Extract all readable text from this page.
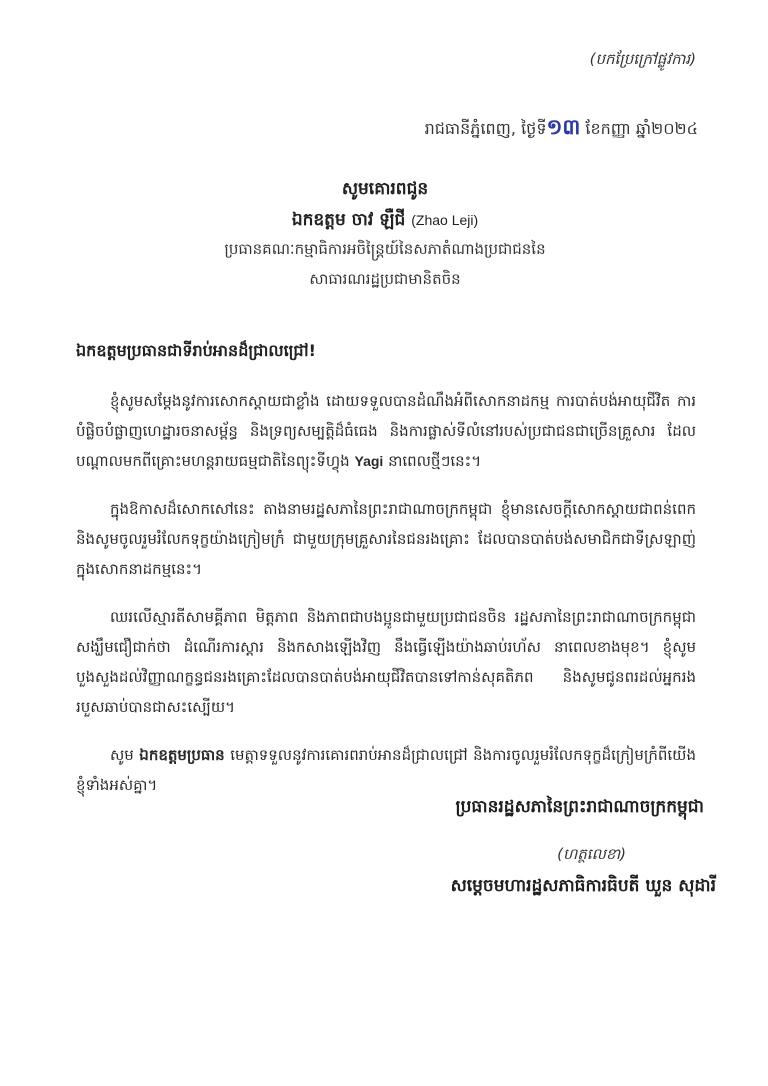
(បកប្រែក្រៅផ្លូវការ)
រាជធានីភ្នំពេញ, ថ្ងៃទី១៣ ខែកញ្ញា ឆ្នាំ២០២៤
សូមគោរពជូន
ឯកឧត្តម ចាវ ឡឺជី (Zhao Leji)
ប្រធានគណៈកម្មាធិការអចិន្ត្រៃយ៍នៃសភាតំណាងប្រជាជននៃ
សាធារណរដ្ឋប្រជាមានិតចិន
ឯកឧត្តមប្រធានជាទីរាប់អានដ៏ជ្រាលជ្រៅ!

ខ្ញុំសូមសម្តែងនូវការសោកស្តាយជាខ្លាំង ដោយទទួលបានដំណឹងអំពីសោកនាដកម្ម ការបាត់បង់អាយុជីវិត ការបំផ្លិចបំផ្លាញហេដ្ឋារចនាសម្ព័ន្ធ និងទ្រព្យសម្បត្តិដ៏ធំធេង និងការផ្លាស់ទីលំនៅរបស់ប្រជាជនជាច្រើនគ្រួសារ ដែលបណ្តាលមកពីគ្រោះមហន្តរាយធម្មជាតិនៃព្យុះទីហ្វុង Yagi នាពេលថ្មីៗនេះ។

ក្នុងឱកាសដ៏សោកសៅនេះ តាងនាមរដ្ឋសភានៃព្រះរាជាណាចក្រកម្ពុជា ខ្ញុំមានសេចក្តីសោកស្តាយជាពន់ពេក និងសូមចូលរួមរំលែកទុក្ខយ៉ាងក្រៀមក្រំ ជាមួយក្រុមគ្រួសារនៃជនរងគ្រោះ ដែលបានបាត់បង់សមាជិកជាទីស្រឡាញ់ក្នុងសោកនាដកម្មនេះ។

ឈរលើស្មារតីសាមគ្គីភាព មិត្តភាព និងភាពជាបងប្អូនជាមួយប្រជាជនចិន រដ្ឋសភានៃព្រះរាជាណាចក្រកម្ពុជាសង្ឃឹមជឿជាក់ថា ដំណើរការស្តារ និងកសាងឡើងវិញ នឹងធ្វើឡើងយ៉ាងឆាប់រហ័ស នាពេលខាងមុខ។ ខ្ញុំសូមបួងសួងដល់វិញ្ញាណក្ខន្ធជនរងគ្រោះដែលបានបាត់បង់អាយុជីវិតបានទៅកាន់សុគតិភព និងសូមជូនពរដល់អ្នករងរបួសឆាប់បានជាសះស្បើយ។

សូម ឯកឧត្តមប្រធាន មេត្តាទទួលនូវការគោរពរាប់អានដ៏ជ្រាលជ្រៅ និងការចូលរួមរំលែកទុក្ខដ៏ក្រៀមក្រំពីយើងខ្ញុំទាំងអស់គ្នា។

ប្រធានរដ្ឋសភានៃព្រះរាជាណាចក្រកម្ពុជា
(ហត្ថលេខា)
សម្តេចមហារដ្ឋសភាធិការធិបតី ឃួន សុដារី
